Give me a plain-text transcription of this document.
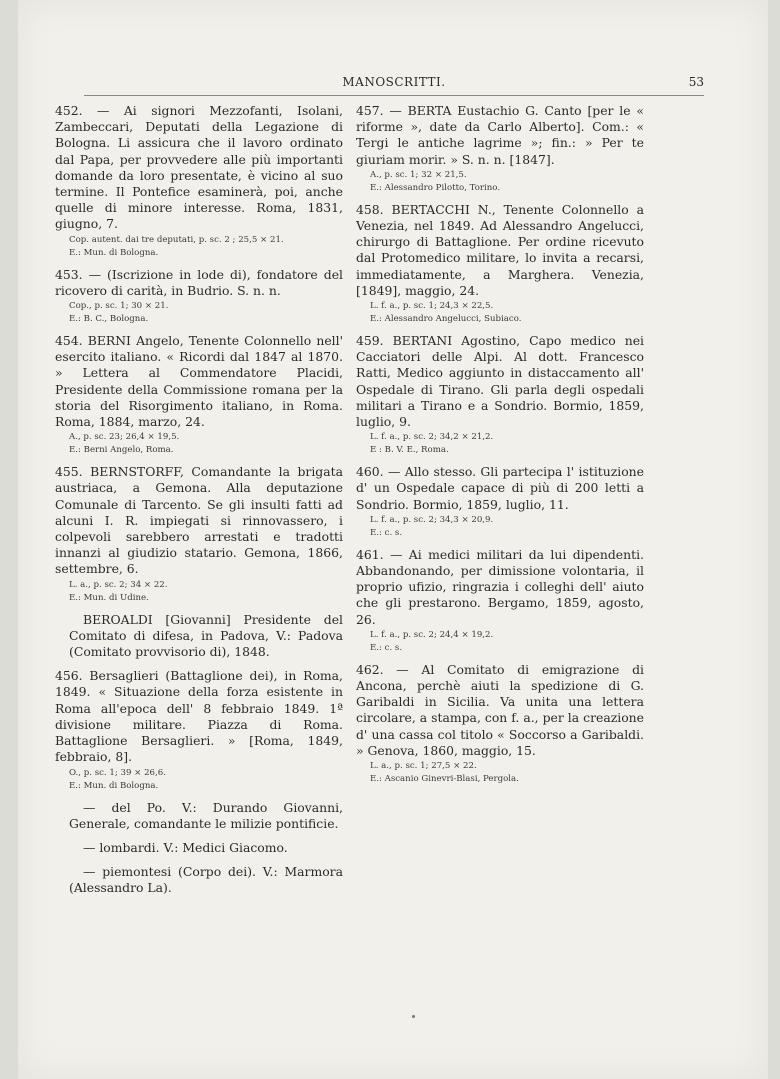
MANOSCRITTI.	53
452. — Ai signori Mezzofanti, Isolani, Zambeccari, Deputati della Legazione di Bologna. Li assicura che il lavoro ordinato dal Papa, per provvedere alle più importanti domande da loro presentate, è vicino al suo termine. Il Pontefice esaminerà, poi, anche quelle di minore interesse. Roma, 1831, giugno, 7.
Cop. autent. dai tre deputati, p. sc. 2 ; 25,5 × 21.
E.: Mun. di Bologna.
453. — (Iscrizione in lode di), fondatore del ricovero di carità, in Budrio. S. n. n.
Cop., p. sc. 1; 30 × 21.
E.: B. C., Bologna.
454. BERNI Angelo, Tenente Colonnello nell' esercito italiano. « Ricordi dal 1847 al 1870. » Lettera al Commendatore Placidi, Presidente della Commissione romana per la storia del Risorgimento italiano, in Roma. Roma, 1884, marzo, 24.
A., p. sc. 23; 26,4 × 19,5.
E.: Berni Angelo, Roma.
455. BERNSTORFF, Comandante la brigata austriaca, a Gemona. Alla deputazione Comunale di Tarcento. Se gli insulti fatti ad alcuni I. R. impiegati si rinnovassero, i colpevoli sarebbero arrestati e tradotti innanzi al giudizio statario. Gemona, 1866, settembre, 6.
L. a., p. sc. 2; 34 × 22.
E.: Mun. di Udine.
BEROALDI [Giovanni] Presidente del Comitato di difesa, in Padova, V.: Padova (Comitato provvisorio di), 1848.
456. Bersaglieri (Battaglione dei), in Roma, 1849. « Situazione della forza esistente in Roma all'epoca dell' 8 febbraio 1849. 1ª divisione militare. Piazza di Roma. Battaglione Bersaglieri. » [Roma, 1849, febbraio, 8].
O., p. sc. 1; 39 × 26,6.
E.: Mun. di Bologna.
— del Po. V.: Durando Giovanni, Generale, comandante le milizie pontificie.
— lombardi. V.: Medici Giacomo.
— piemontesi (Corpo dei). V.: Marmora (Alessandro La).
457. — BERTA Eustachio G. Canto [per le « riforme », date da Carlo Alberto]. Com.: « Tergi le antiche lagrime »; fin.: » Per te giuriam morir. » S. n. n. [1847].
A., p. sc. 1; 32 × 21,5.
E.: Alessandro Pilotto, Torino.
458. BERTACCHI N., Tenente Colonnello a Venezia, nel 1849. Ad Alessandro Angelucci, chirurgo di Battaglione. Per ordine ricevuto dal Protomedico militare, lo invita a recarsi, immediatamente, a Marghera. Venezia, [1849], maggio, 24.
L. f. a., p. sc. 1; 24,3 × 22,5.
E.: Alessandro Angelucci, Subiaco.
459. BERTANI Agostino, Capo medico nei Cacciatori delle Alpi. Al dott. Francesco Ratti, Medico aggiunto in distaccamento all' Ospedale di Tirano. Gli parla degli ospedali militari a Tirano e a Sondrio. Bormio, 1859, luglio, 9.
L. f. a., p. sc. 2; 34,2 × 21,2.
E : B. V. E., Roma.
460. — Allo stesso. Gli partecipa l' istituzione d' un Ospedale capace di più di 200 letti a Sondrio. Bormio, 1859, luglio, 11.
L. f. a., p. sc. 2; 34,3 × 20,9.
E.: c. s.
461. — Ai medici militari da lui dipendenti. Abbandonando, per dimissione volontaria, il proprio ufizio, ringrazia i colleghi dell' aiuto che gli prestarono. Bergamo, 1859, agosto, 26.
L. f. a., p. sc. 2; 24,4 × 19,2.
E.: c. s.
462. — Al Comitato di emigrazione di Ancona, perchè aiuti la spedizione di G. Garibaldi in Sicilia. Va unita una lettera circolare, a stampa, con f. a., per la creazione d' una cassa col titolo « Soccorso a Garibaldi. » Genova, 1860, maggio, 15.
L. a., p. sc. 1; 27,5 × 22.
E.: Ascanio Ginevri-Blasi, Pergola.
